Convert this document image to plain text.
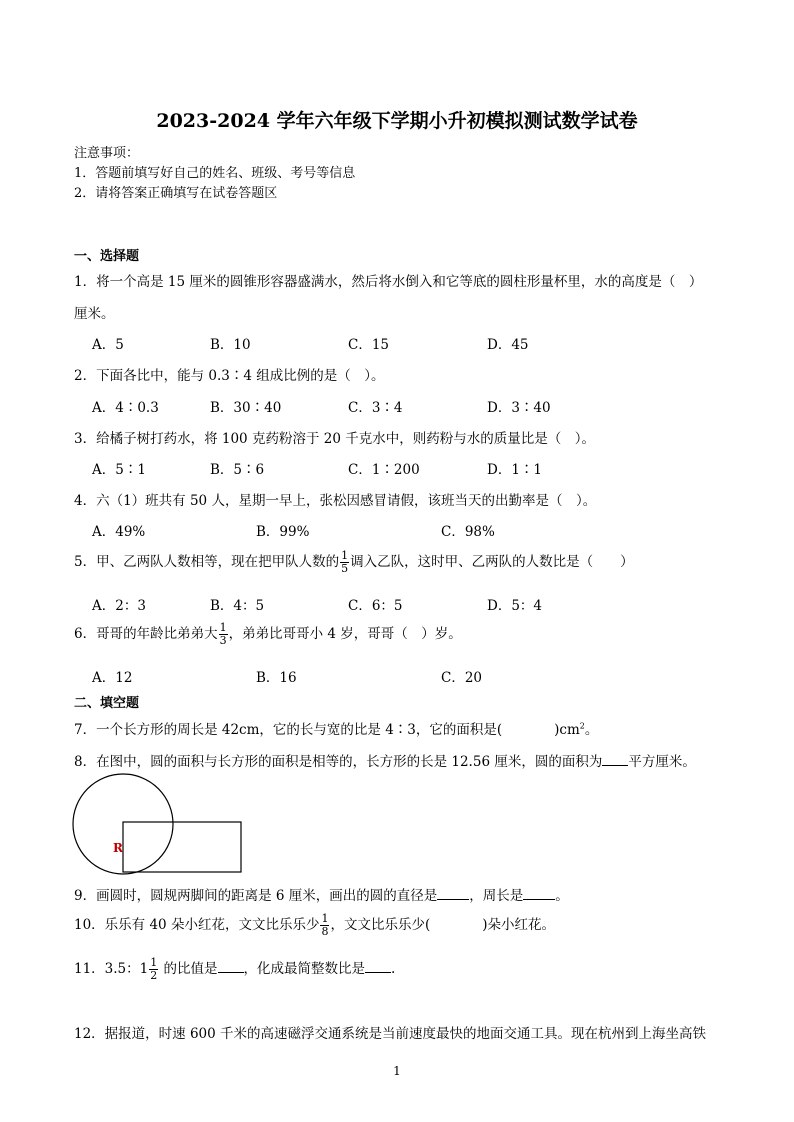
2023-2024 学年六年级下学期小升初模拟测试数学试卷
注意事项：
1．答题前填写好自己的姓名、班级、考号等信息
2．请将答案正确填写在试卷答题区
一、选择题
1．将一个高是 15 厘米的圆锥形容器盛满水，然后将水倒入和它等底的圆柱形量杯里，水的高度是（　）
厘米。
A．5	B．10	C．15	D．45
2．下面各比中，能与 0.3∶4 组成比例的是（　）。
A．4∶0.3	B．30∶40	C．3∶4	D．3∶40
3．给橘子树打药水，将 100 克药粉溶于 20 千克水中，则药粉与水的质量比是（　）。
A．5∶1	B．5∶6	C．1∶200	D．1∶1
4．六（1）班共有 50 人，星期一早上，张松因感冒请假，该班当天的出勤率是（　）。
A．49%	B．99%	C．98%
5．甲、乙两队人数相等，现在把甲队人数的 $\frac{1}{5}$ 调入乙队，这时甲、乙两队的人数比是（　　）
A．2：3	B．4：5	C．6：5	D．5：4
6．哥哥的年龄比弟弟大 $\frac{1}{3}$ ，弟弟比哥哥小 4 岁，哥哥（　）岁。
A．12	B．16	C．20
二、填空题
7．一个长方形的周长是 42cm，它的长与宽的比是 4∶3，它的面积是(	)$cm^2$。
8．在图中，圆的面积与长方形的面积是相等的，长方形的长是 12.56 厘米，圆的面积为 平方厘米。
R
9．画圆时，圆规两脚间的距离是 6 厘米，画出的圆的直径是 ，周长是 。
10．乐乐有 40 朵小红花，文文比乐乐少 $\frac{1}{8}$ ，文文比乐乐少(	)朵小红花。
11．3.5：$1 \frac{1}{2}$ 的比值是 ，化成最简整数比是 .
12．据报道，时速 600 千米的高速磁浮交通系统是当前速度最快的地面交通工具。现在杭州到上海坐高铁
1
